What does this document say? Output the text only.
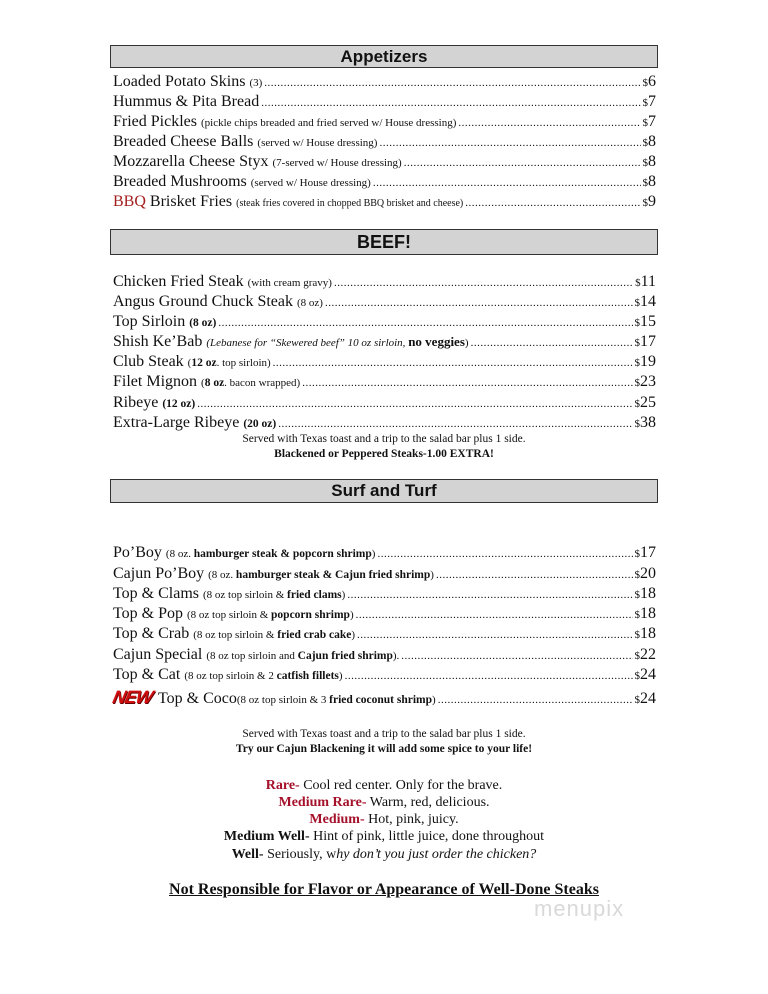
Appetizers
Loaded Potato Skins (3) .....	$6
Hummus & Pita Bread .....	$7
Fried Pickles (pickle chips breaded and fried served w/ House dressing) .....	$7
Breaded Cheese Balls (served w/ House dressing) .....	$8
Mozzarella Cheese Styx (7-served w/ House dressing) .....	$8
Breaded Mushrooms (served w/ House dressing) .....	$8
BBQ Brisket Fries (steak fries covered in chopped BBQ brisket and cheese) .....	$9
BEEF!
Chicken Fried Steak (with cream gravy) .....	$11
Angus Ground Chuck Steak (8 oz) .....	$14
Top Sirloin (8 oz) .....	$15
Shish Ke’Bab (Lebanese for “Skewered beef” 10 oz sirloin, no veggies) .....	$17
Club Steak (12 oz. top sirloin) .....	$19
Filet Mignon (8 oz. bacon wrapped) .....	$23
Ribeye (12 oz) .....	$25
Extra-Large Ribeye (20 oz) .....	$38
Served with Texas toast and a trip to the salad bar plus 1 side.
Blackened or Peppered Steaks-1.00 EXTRA!
Surf and Turf
Po’Boy (8 oz. hamburger steak & popcorn shrimp) .....	$17
Cajun Po’Boy (8 oz. hamburger steak & Cajun fried shrimp) .....	$20
Top & Clams (8 oz top sirloin & fried clams) .....	$18
Top & Pop (8 oz top sirloin & popcorn shrimp) .....	$18
Top & Crab (8 oz top sirloin & fried crab cake) .....	$18
Cajun Special (8 oz top sirloin and Cajun fried shrimp). .....	$22
Top & Cat (8 oz top sirloin & 2 catfish fillets) .....	$24
NEW Top & Coco (8 oz top sirloin & 3 fried coconut shrimp) .....	$24
Served with Texas toast and a trip to the salad bar plus 1 side.
Try our Cajun Blackening it will add some spice to your life!
Rare- Cool red center. Only for the brave.
Medium Rare- Warm, red, delicious.
Medium- Hot, pink, juicy.
Medium Well- Hint of pink, little juice, done throughout
Well- Seriously, why don’t you just order the chicken?
Not Responsible for Flavor or Appearance of Well-Done Steaks
menupix
